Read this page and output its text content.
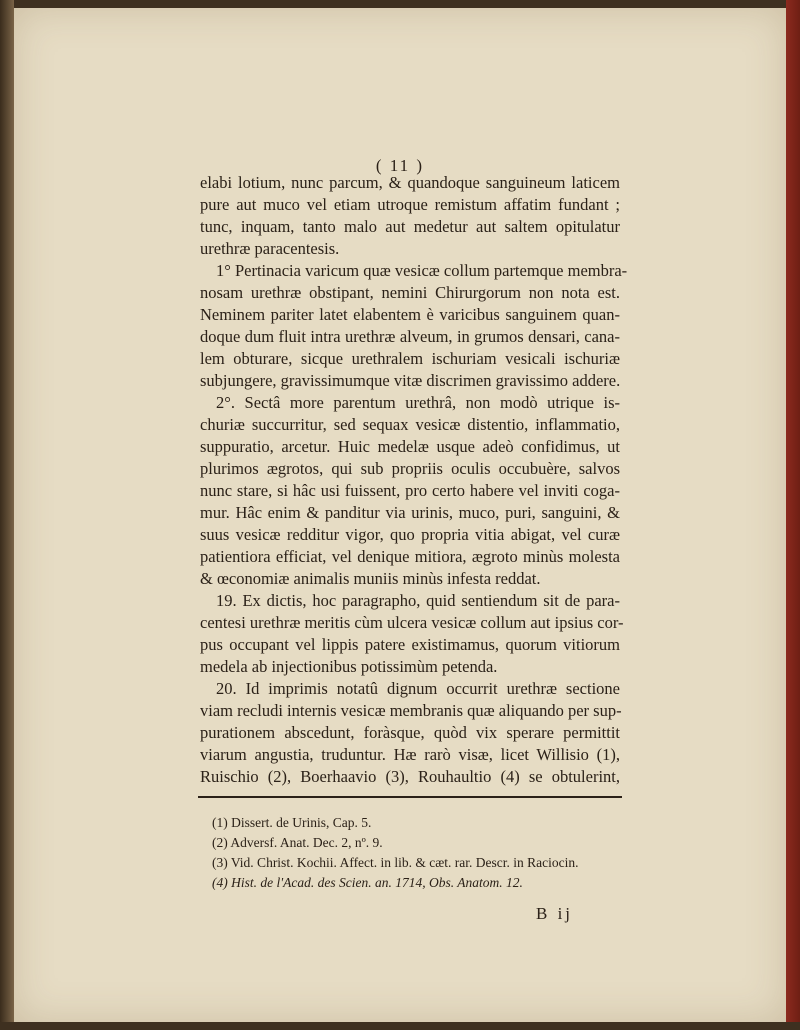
( 11 )
elabi lotium, nunc parcum, & quandoque sanguineum laticem
pure aut muco vel etiam utroque remistum affatim fundant ;
tunc, inquam, tanto malo aut medetur aut saltem opitulatur
urethræ paracentesis.
1° Pertinacia varicum quæ vesicæ collum partemque membra-
nosam urethræ obstipant, nemini Chirurgorum non nota est.
Neminem pariter latet elabentem è varicibus sanguinem quan-
doque dum fluit intra urethræ alveum, in grumos densari, cana-
lem obturare, sicque urethralem ischuriam vesicali ischuriæ
subjungere, gravissimumque vitæ discrimen gravissimo addere.
2°. Sectâ more parentum urethrâ, non modò utrique is-
churiæ succurritur, sed sequax vesicæ distentio, inflammatio,
suppuratio, arcetur. Huic medelæ usque adeò confidimus, ut
plurimos ægrotos, qui sub propriis oculis occubuère, salvos
nunc stare, si hâc usi fuissent, pro certo habere vel inviti coga-
mur. Hâc enim & panditur via urinis, muco, puri, sanguini, &
suus vesicæ redditur vigor, quo propria vitia abigat, vel curæ
patientiora efficiat, vel denique mitiora, ægroto minùs molesta
& œconomiæ animalis muniis minùs infesta reddat.
19. Ex dictis, hoc paragrapho, quid sentiendum sit de para-
centesi urethræ meritis cùm ulcera vesicæ collum aut ipsius cor-
pus occupant vel lippis patere existimamus, quorum vitiorum
medela ab injectionibus potissimùm petenda.
20. Id imprimis notatû dignum occurrit urethræ sectione
viam recludi internis vesicæ membranis quæ aliquando per sup-
purationem abscedunt, foràsque, quòd vix sperare permittit
viarum angustia, truduntur. Hæ rarò visæ, licet Willisio (1),
Ruischio (2), Boerhaavio (3), Rouhaultio (4) se obtulerint,
(1) Dissert. de Urinis, Cap. 5.
(2) Adversf. Anat. Dec. 2, nº. 9.
(3) Vid. Christ. Kochii. Affect. in lib. & cæt. rar. Descr. in Raciocin.
(4) Hist. de l'Acad. des Scien. an. 1714, Obs. Anatom. 12.
B ij
